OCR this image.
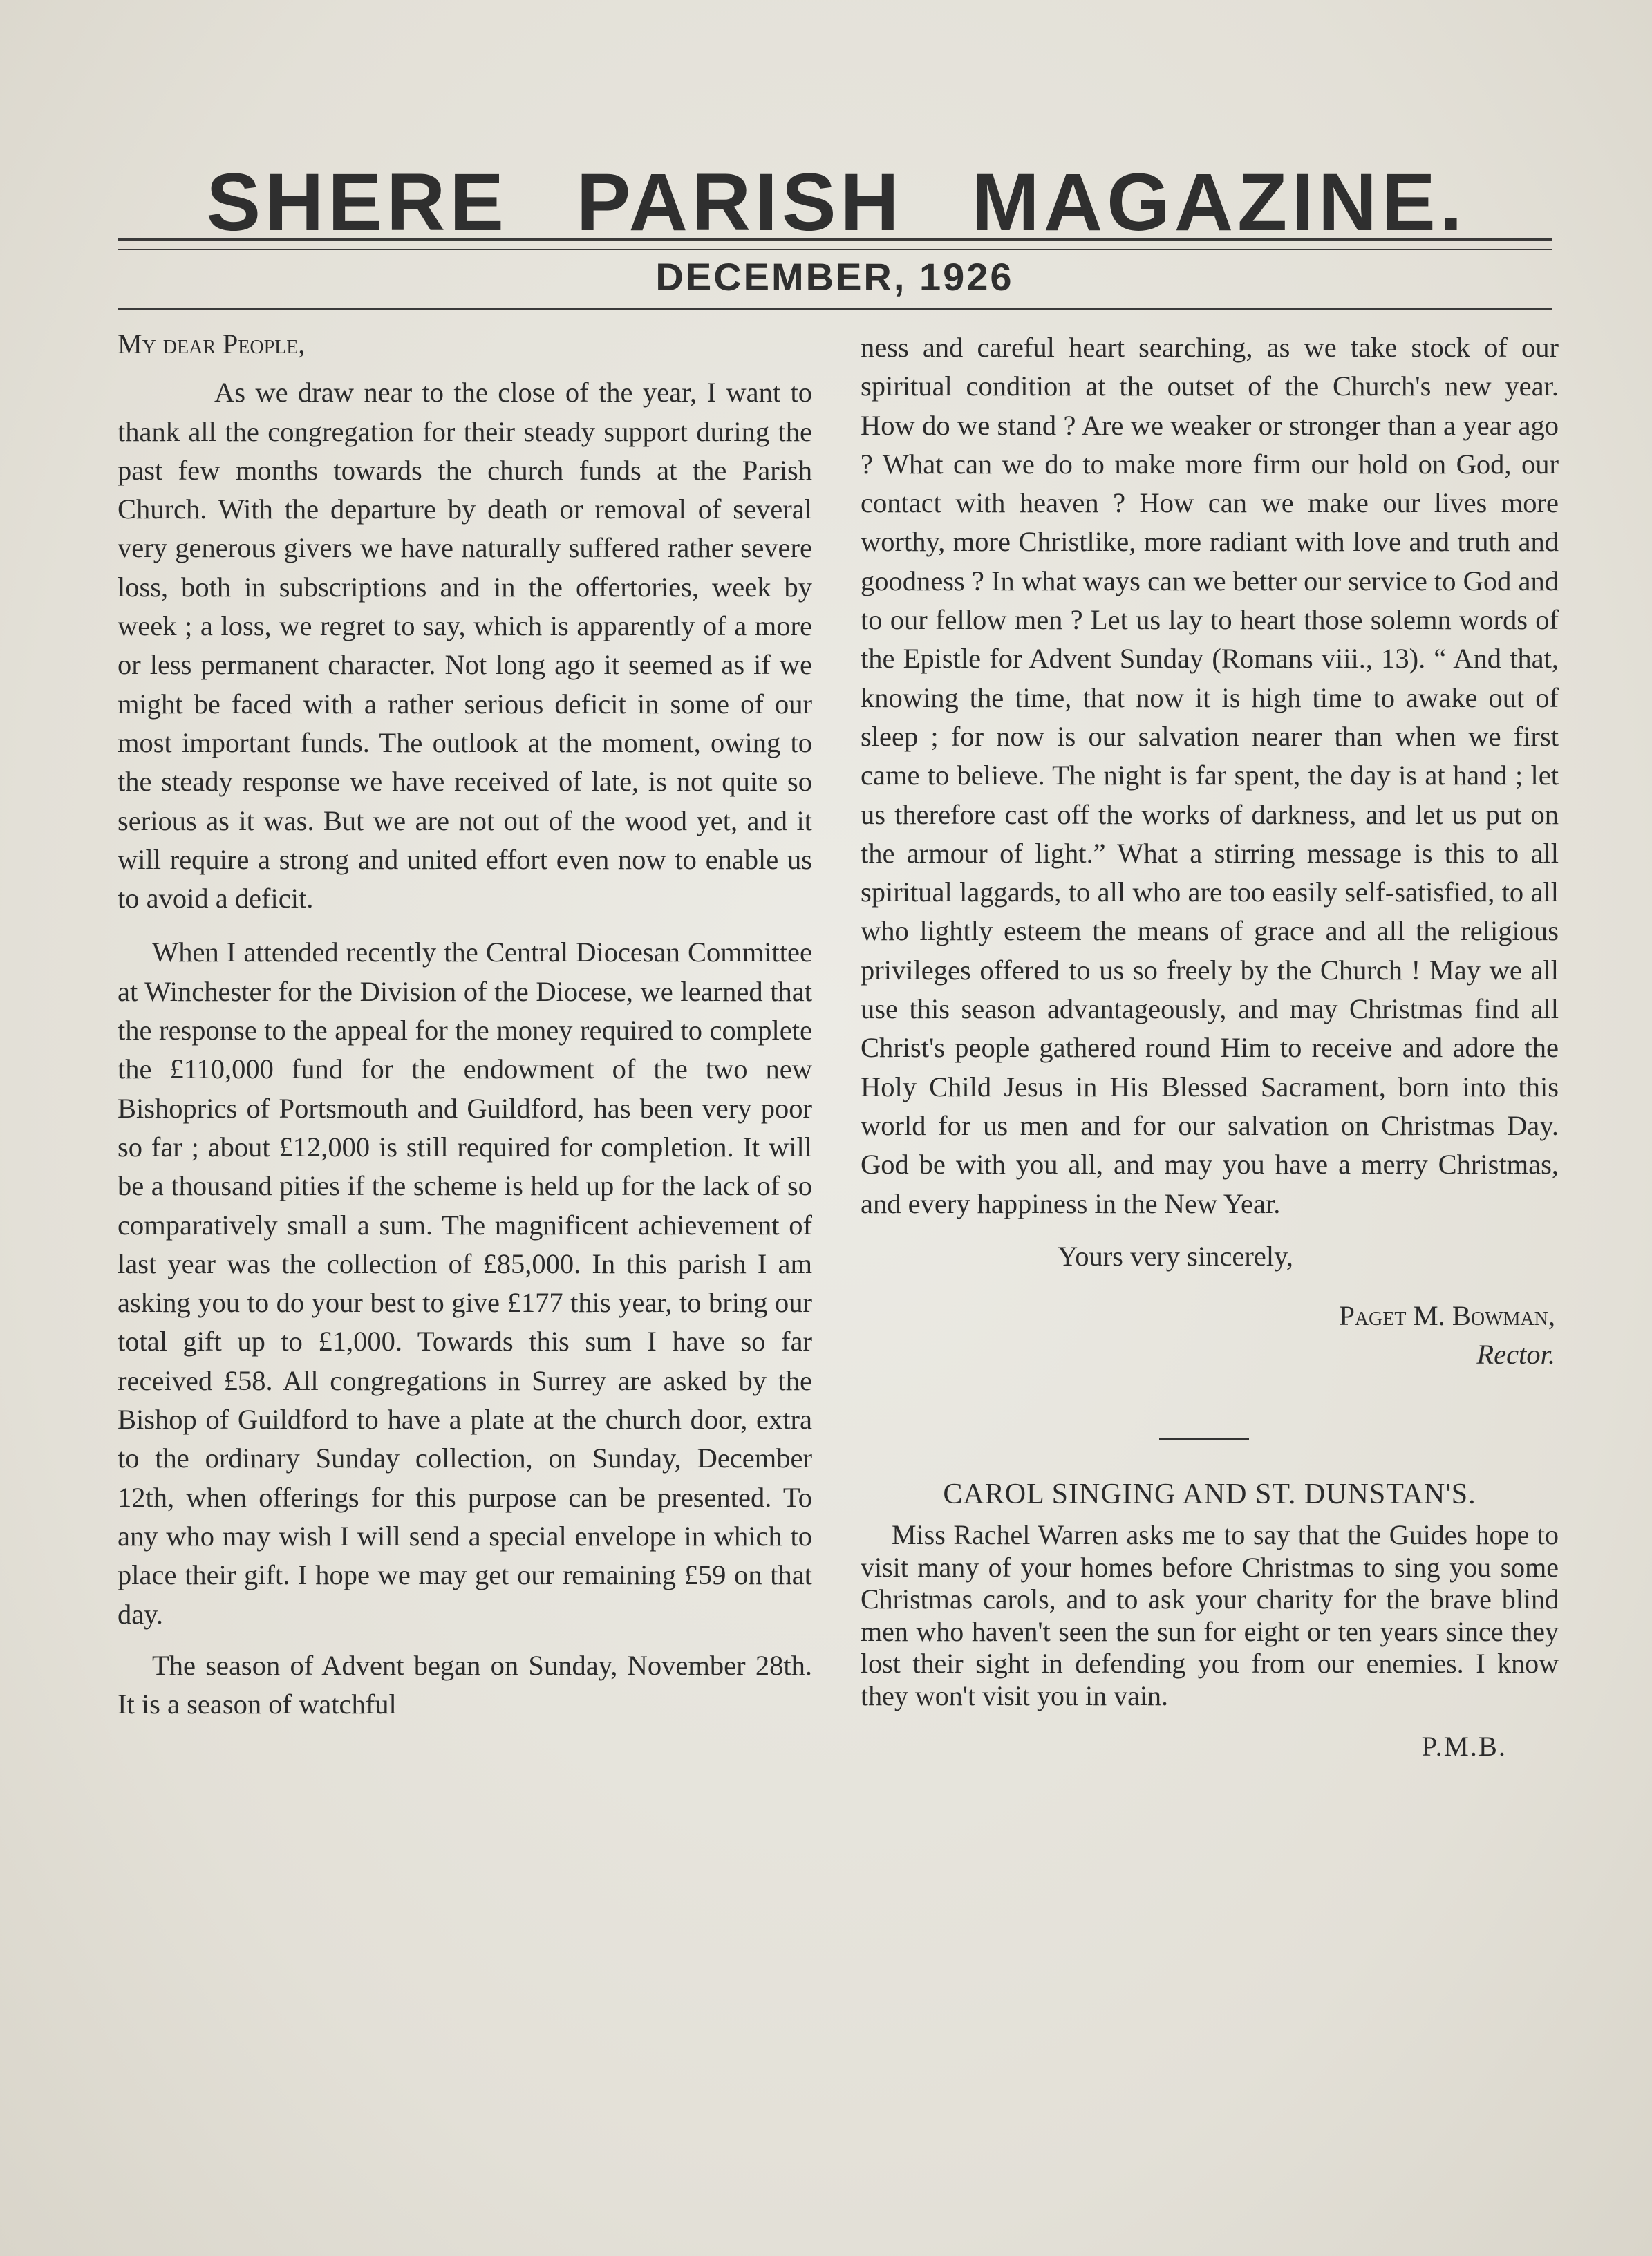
SHERE PARISH MAGAZINE.
DECEMBER, 1926

My dear People,

As we draw near to the close of the year, I want to thank all the congregation for their steady support during the past few months towards the church funds at the Parish Church. With the departure by death or removal of several very generous givers we have naturally suffered rather severe loss, both in subscriptions and in the offertories, week by week ; a loss, we regret to say, which is apparently of a more or less permanent character. Not long ago it seemed as if we might be faced with a rather serious deficit in some of our most important funds. The outlook at the moment, owing to the steady response we have received of late, is not quite so serious as it was. But we are not out of the wood yet, and it will require a strong and united effort even now to enable us to avoid a deficit.

When I attended recently the Central Diocesan Committee at Winchester for the Division of the Diocese, we learned that the response to the appeal for the money required to complete the £110,000 fund for the endowment of the two new Bishoprics of Portsmouth and Guildford, has been very poor so far ; about £12,000 is still required for completion. It will be a thousand pities if the scheme is held up for the lack of so comparatively small a sum. The magnificent achievement of last year was the collection of £85,000. In this parish I am asking you to do your best to give £177 this year, to bring our total gift up to £1,000. Towards this sum I have so far received £58. All congregations in Surrey are asked by the Bishop of Guildford to have a plate at the church door, extra to the ordinary Sunday collection, on Sunday, December 12th, when offerings for this purpose can be presented. To any who may wish I will send a special envelope in which to place their gift. I hope we may get our remaining £59 on that day.

The season of Advent began on Sunday, November 28th. It is a season of watchful

ness and careful heart searching, as we take stock of our spiritual condition at the outset of the Church's new year. How do we stand ? Are we weaker or stronger than a year ago ? What can we do to make more firm our hold on God, our contact with heaven ? How can we make our lives more worthy, more Christlike, more radiant with love and truth and goodness ? In what ways can we better our service to God and to our fellow men ? Let us lay to heart those solemn words of the Epistle for Advent Sunday (Romans viii., 13). “ And that, knowing the time, that now it is high time to awake out of sleep ; for now is our salvation nearer than when we first came to believe. The night is far spent, the day is at hand ; let us therefore cast off the works of darkness, and let us put on the armour of light.” What a stirring message is this to all spiritual laggards, to all who are too easily self-satisfied, to all who lightly esteem the means of grace and all the religious privileges offered to us so freely by the Church ! May we all use this season advantageously, and may Christmas find all Christ's people gathered round Him to receive and adore the Holy Child Jesus in His Blessed Sacrament, born into this world for us men and for our salvation on Christmas Day. God be with you all, and may you have a merry Christmas, and every happiness in the New Year.

Yours very sincerely,

Paget M. Bowman,

Rector.

CAROL SINGING AND ST. DUNSTAN'S.

Miss Rachel Warren asks me to say that the Guides hope to visit many of your homes before Christmas to sing you some Christmas carols, and to ask your charity for the brave blind men who haven't seen the sun for eight or ten years since they lost their sight in defending you from our enemies. I know they won't visit you in vain.

P.M.B.
